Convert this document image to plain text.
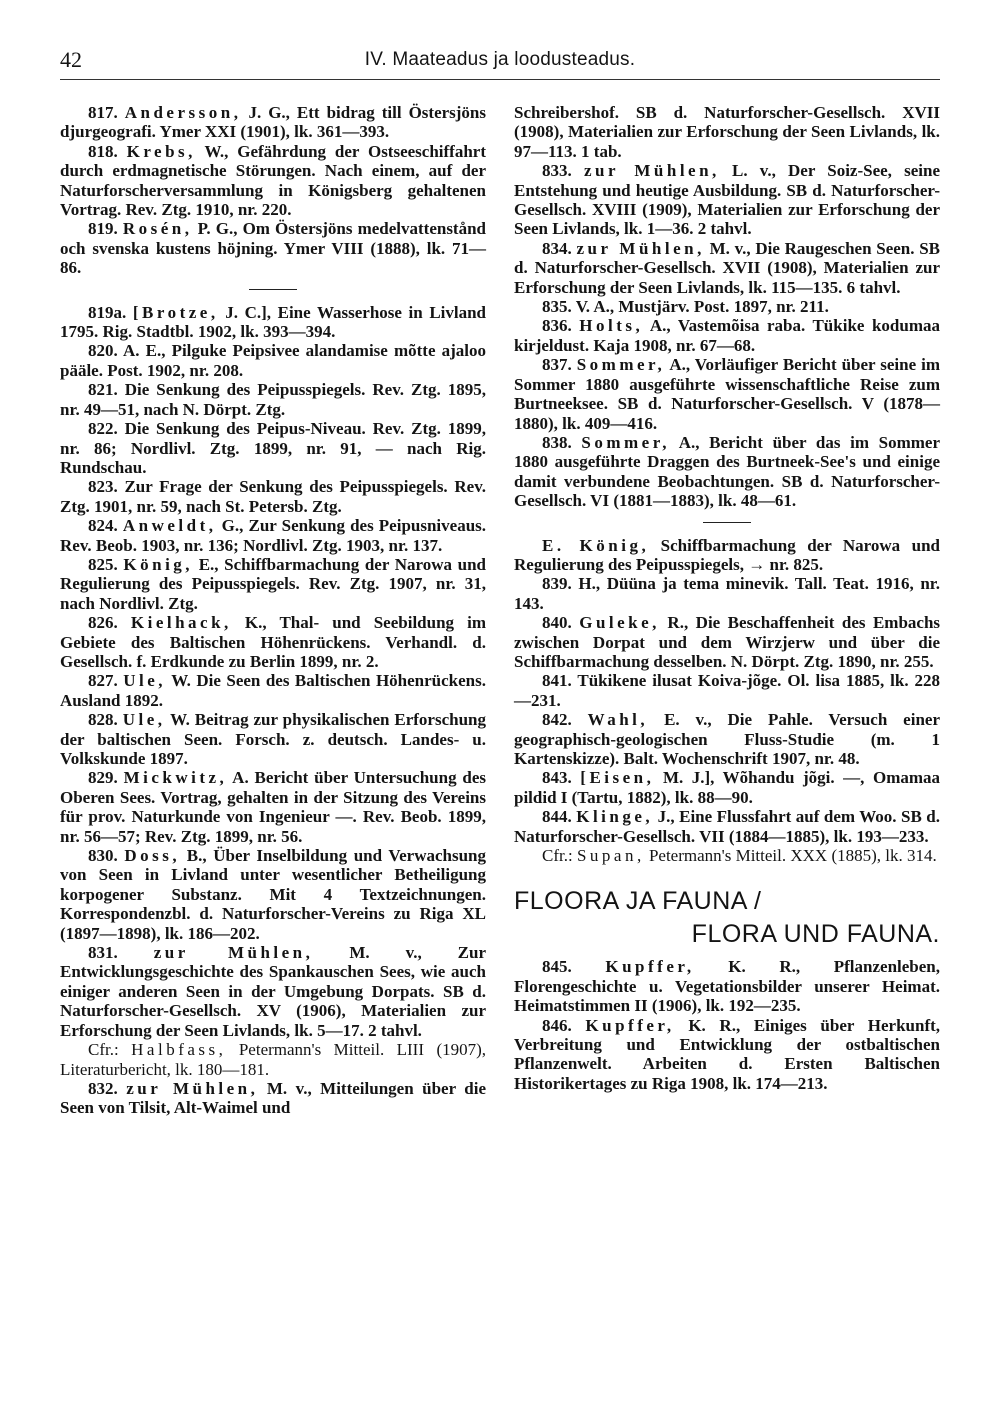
42	IV. Maateadus ja loodusteadus.

817. Andersson, J. G., Ett bidrag till Östersjöns djurgeografi. Ymer XXI (1901), lk. 361—393.

818. Krebs, W., Gefährdung der Ostseeschiffahrt durch erdmagnetische Störungen. Nach einem, auf der Naturforscherversammlung in Königsberg gehaltenen Vortrag. Rev. Ztg. 1910, nr. 220.

819. Rosén, P. G., Om Östersjöns medelvattenstånd och svenska kustens höjning. Ymer VIII (1888), lk. 71—86.

819a. [Brotze, J. C.], Eine Wasserhose in Livland 1795. Rig. Stadtbl. 1902, lk. 393—394.

820. A. E., Pilguke Peipsivee alandamise mõtte ajaloo pääle. Post. 1902, nr. 208.

821. Die Senkung des Peipusspiegels. Rev. Ztg. 1895, nr. 49—51, nach N. Dörpt. Ztg.

822. Die Senkung des Peipus-Niveau. Rev. Ztg. 1899, nr. 86; Nordlivl. Ztg. 1899, nr. 91, — nach Rig. Rundschau.

823. Zur Frage der Senkung des Peipusspiegels. Rev. Ztg. 1901, nr. 59, nach St. Petersb. Ztg.

824. Anweldt, G., Zur Senkung des Peipusniveaus. Rev. Beob. 1903, nr. 136; Nordlivl. Ztg. 1903, nr. 137.

825. König, E., Schiffbarmachung der Narowa und Regulierung des Peipusspiegels. Rev. Ztg. 1907, nr. 31, nach Nordlivl. Ztg.

826. Kielhack, K., Thal- und Seebildung im Gebiete des Baltischen Höhenrückens. Verhandl. d. Gesellsch. f. Erdkunde zu Berlin 1899, nr. 2.

827. Ule, W. Die Seen des Baltischen Höhenrückens. Ausland 1892.

828. Ule, W. Beitrag zur physikalischen Erforschung der baltischen Seen. Forsch. z. deutsch. Landes- u. Volkskunde 1897.

829. Mickwitz, A. Bericht über Untersuchung des Oberen Sees. Vortrag, gehalten in der Sitzung des Vereins für prov. Naturkunde von Ingenieur —. Rev. Beob. 1899, nr. 56—57; Rev. Ztg. 1899, nr. 56.

830. Doss, B., Über Inselbildung und Verwachsung von Seen in Livland unter wesentlicher Betheiligung korpogener Substanz. Mit 4 Textzeichnungen. Korrespondenzbl. d. Naturforscher-Vereins zu Riga XL (1897—1898), lk. 186—202.

831. zur Mühlen, M. v., Zur Entwicklungsgeschichte des Spankauschen Sees, wie auch einiger anderen Seen in der Umgebung Dorpats. SB d. Naturforscher-Gesellsch. XV (1906), Materialien zur Erforschung der Seen Livlands, lk. 5—17. 2 tahvl.

Cfr.: Halbfass, Petermann's Mitteil. LIII (1907), Literaturbericht, lk. 180—181.

832. zur Mühlen, M. v., Mitteilungen über die Seen von Tilsit, Alt-Waimel und

Schreibershof. SB d. Naturforscher-Gesellsch. XVII (1908), Materialien zur Erforschung der Seen Livlands, lk. 97—113. 1 tab.

833. zur Mühlen, L. v., Der Soiz-See, seine Entstehung und heutige Ausbildung. SB d. Naturforscher-Gesellsch. XVIII (1909), Materialien zur Erforschung der Seen Livlands, lk. 1—36. 2 tahvl.

834. zur Mühlen, M. v., Die Raugeschen Seen. SB d. Naturforscher-Gesellsch. XVII (1908), Materialien zur Erforschung der Seen Livlands, lk. 115—135. 6 tahvl.

835. V. A., Mustjärv. Post. 1897, nr. 211.

836. Holts, A., Vastemõisa raba. Tükike kodumaa kirjeldust. Kaja 1908, nr. 67—68.

837. Sommer, A., Vorläufiger Bericht über seine im Sommer 1880 ausgeführte wissenschaftliche Reise zum Burtneeksee. SB d. Naturforscher-Gesellsch. V (1878—1880), lk. 409—416.

838. Sommer, A., Bericht über das im Sommer 1880 ausgeführte Draggen des Burtneek-See's und einige damit verbundene Beobachtungen. SB d. Naturforscher-Gesellsch. VI (1881—1883), lk. 48—61.

E. König, Schiffbarmachung der Narowa und Regulierung des Peipusspiegels, → nr. 825.

839. H., Düüna ja tema minevik. Tall. Teat. 1916, nr. 143.

840. Guleke, R., Die Beschaffenheit des Embachs zwischen Dorpat und dem Wirzjerw und über die Schiffbarmachung desselben. N. Dörpt. Ztg. 1890, nr. 255.

841. Tükikene ilusat Koiva-jõge. Ol. lisa 1885, lk. 228—231.

842. Wahl, E. v., Die Pahle. Versuch einer geographisch-geologischen Fluss-Studie (m. 1 Kartenskizze). Balt. Wochenschrift 1907, nr. 48.

843. [Eisen, M. J.], Wõhandu jõgi. —, Omamaa pildid I (Tartu, 1882), lk. 88—90.

844. Klinge, J., Eine Flussfahrt auf dem Woo. SB d. Naturforscher-Gesellsch. VII (1884—1885), lk. 193—233.

Cfr.: Supan, Petermann's Mitteil. XXX (1885), lk. 314.

FLOORA JA FAUNA /
FLORA UND FAUNA.

845. Kupffer, K. R., Pflanzenleben, Florengeschichte u. Vegetationsbilder unserer Heimat. Heimatstimmen II (1906), lk. 192—235.

846. Kupffer, K. R., Einiges über Herkunft, Verbreitung und Entwicklung der ostbaltischen Pflanzenwelt. Arbeiten d. Ersten Baltischen Historikertages zu Riga 1908, lk. 174—213.
